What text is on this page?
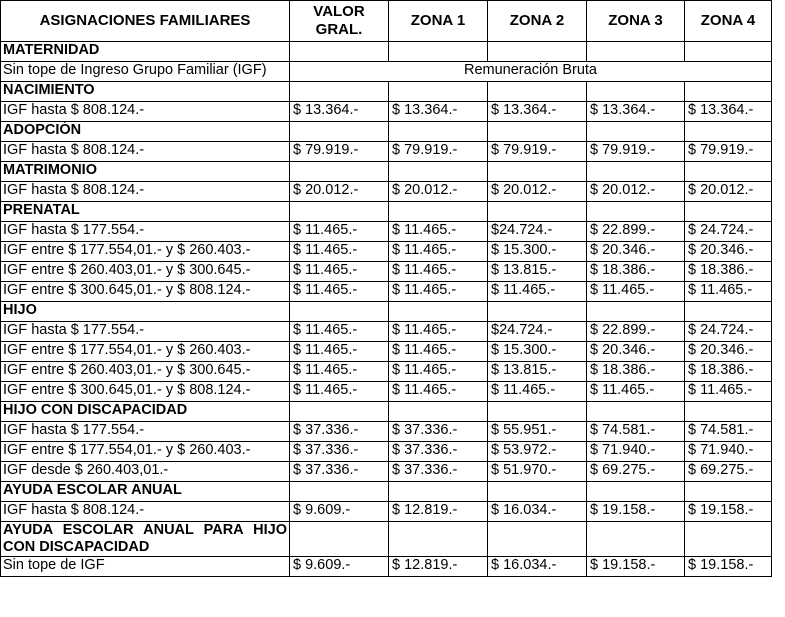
ASIGNACIONES FAMILIARES	VALOR GRAL.	ZONA 1	ZONA 2	ZONA 3	ZONA 4
MATERNIDAD					
Sin tope de Ingreso Grupo Familiar (IGF)	Remuneración Bruta				
NACIMIENTO					
IGF hasta $ 808.124.-	$ 13.364.-	$ 13.364.-	$ 13.364.-	$ 13.364.-	$ 13.364.-
ADOPCIÓN					
IGF hasta $ 808.124.-	$ 79.919.-	$ 79.919.-	$ 79.919.-	$ 79.919.-	$ 79.919.-
MATRIMONIO					
IGF hasta $ 808.124.-	$ 20.012.-	$ 20.012.-	$ 20.012.-	$ 20.012.-	$ 20.012.-
PRENATAL					
IGF hasta $ 177.554.-	$ 11.465.-	$ 11.465.-	$24.724.-	$ 22.899.-	$ 24.724.-
IGF entre $ 177.554,01.- y $ 260.403.-	$ 11.465.-	$ 11.465.-	$ 15.300.-	$ 20.346.-	$ 20.346.-
IGF entre $ 260.403,01.- y $ 300.645.-	$ 11.465.-	$ 11.465.-	$ 13.815.-	$ 18.386.-	$ 18.386.-
IGF entre $ 300.645,01.- y $ 808.124.-	$ 11.465.-	$ 11.465.-	$ 11.465.-	$ 11.465.-	$ 11.465.-
HIJO					
IGF hasta $ 177.554.-	$ 11.465.-	$ 11.465.-	$24.724.-	$ 22.899.-	$ 24.724.-
IGF entre $ 177.554,01.- y $ 260.403.-	$ 11.465.-	$ 11.465.-	$ 15.300.-	$ 20.346.-	$ 20.346.-
IGF entre $ 260.403,01.- y $ 300.645.-	$ 11.465.-	$ 11.465.-	$ 13.815.-	$ 18.386.-	$ 18.386.-
IGF entre $ 300.645,01.- y $ 808.124.-	$ 11.465.-	$ 11.465.-	$ 11.465.-	$ 11.465.-	$ 11.465.-
HIJO CON DISCAPACIDAD					
IGF hasta $ 177.554.-	$ 37.336.-	$ 37.336.-	$ 55.951.-	$ 74.581.-	$ 74.581.-
IGF entre $ 177.554,01.- y $ 260.403.-	$ 37.336.-	$ 37.336.-	$ 53.972.-	$ 71.940.-	$ 71.940.-
IGF desde $ 260.403,01.-	$ 37.336.-	$ 37.336.-	$ 51.970.-	$ 69.275.-	$ 69.275.-
AYUDA ESCOLAR ANUAL					
IGF hasta $ 808.124.-	$ 9.609.-	$ 12.819.-	$ 16.034.-	$ 19.158.-	$ 19.158.-
AYUDA ESCOLAR ANUAL PARA HIJO CON DISCAPACIDAD					
Sin tope de IGF	$ 9.609.-	$ 12.819.-	$ 16.034.-	$ 19.158.-	$ 19.158.-
